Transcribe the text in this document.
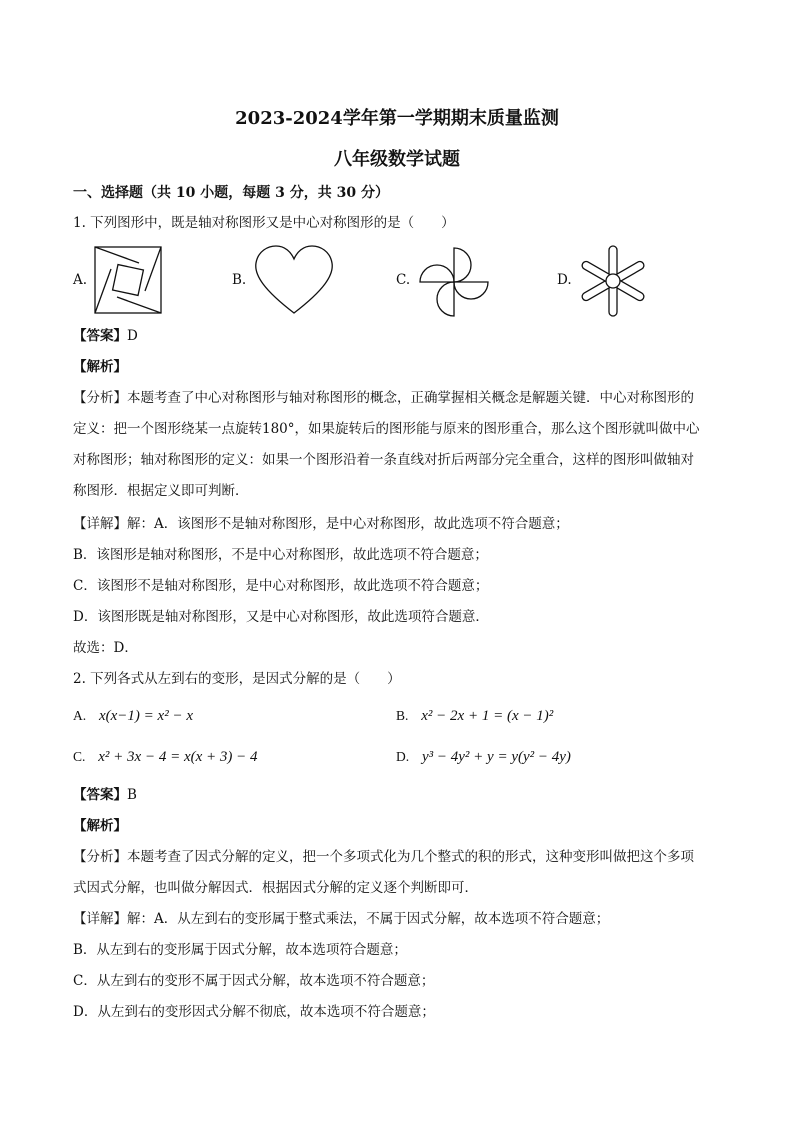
2023-2024学年第一学期期末质量监测
八年级数学试题
一、选择题（共 10 小题，每题 3 分，共 30 分）
1. 下列图形中，既是轴对称图形又是中心对称图形的是（　　）
A.	B.	C.	D.
【答案】D
【解析】
【分析】本题考查了中心对称图形与轴对称图形的概念，正确掌握相关概念是解题关键．中心对称图形的
定义：把一个图形绕某一点旋转180°，如果旋转后的图形能与原来的图形重合，那么这个图形就叫做中心
对称图形；轴对称图形的定义：如果一个图形沿着一条直线对折后两部分完全重合，这样的图形叫做轴对
称图形．根据定义即可判断．
【详解】解：A．该图形不是轴对称图形，是中心对称图形，故此选项不符合题意；
B．该图形是轴对称图形，不是中心对称图形，故此选项不符合题意；
C．该图形不是轴对称图形，是中心对称图形，故此选项不符合题意；
D．该图形既是轴对称图形，又是中心对称图形，故此选项符合题意．
故选：D．
2. 下列各式从左到右的变形，是因式分解的是（　　）
A. x(x−1) = x² − x	B. x² − 2x + 1 = (x − 1)²
C. x² + 3x − 4 = x(x + 3) − 4	D. y³ − 4y² + y = y(y² − 4y)
【答案】B
【解析】
【分析】本题考查了因式分解的定义，把一个多项式化为几个整式的积的形式，这种变形叫做把这个多项
式因式分解，也叫做分解因式．根据因式分解的定义逐个判断即可．
【详解】解：A．从左到右的变形属于整式乘法，不属于因式分解，故本选项不符合题意；
B．从左到右的变形属于因式分解，故本选项符合题意；
C．从左到右的变形不属于因式分解，故本选项不符合题意；
D．从左到右的变形因式分解不彻底，故本选项不符合题意；
